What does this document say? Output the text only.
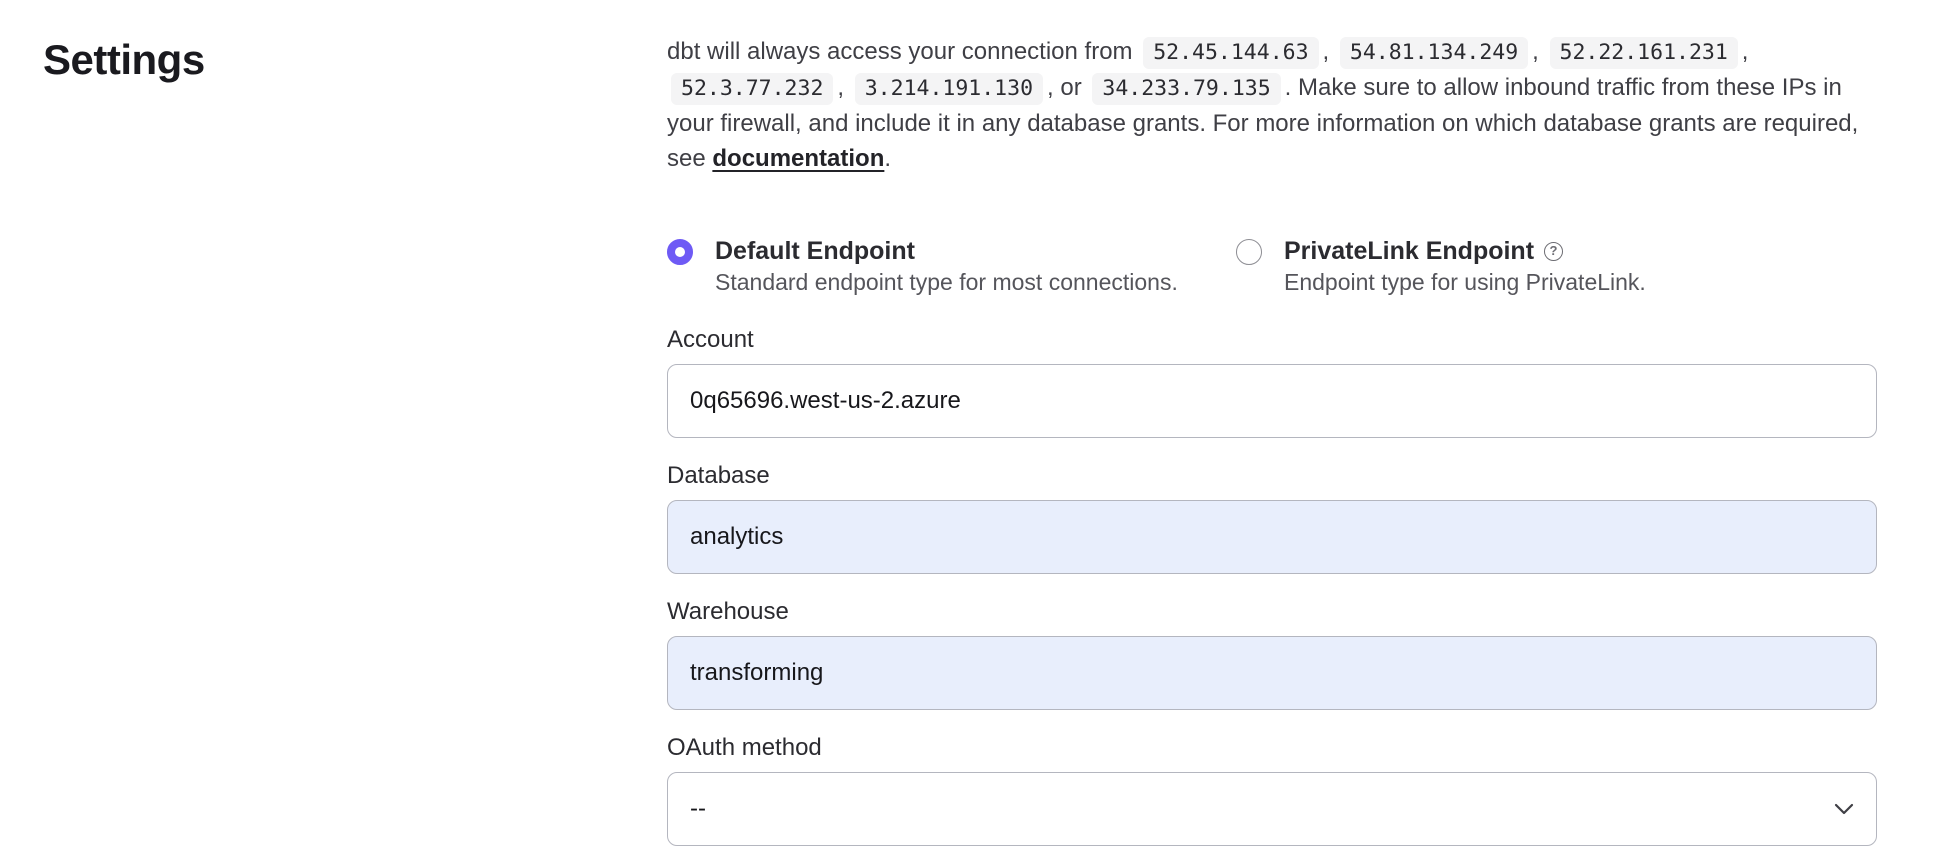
Settings	dbt will always access your connection from 52.45.144.63 , 54.81.134.249 , 52.22.161.231 , 52.3.77.232 , 3.214.191.130 , or 34.233.79.135 . Make sure to allow inbound traffic from these IPs in your firewall, and include it in any database grants. For more information on which database grants are required, see documentation.

Default Endpoint
Standard endpoint type for most connections.
PrivateLink Endpoint ?
Endpoint type for using PrivateLink.
Account
0q65696.west-us-2.azure
Database
analytics
Warehouse
transforming
OAuth method
--
